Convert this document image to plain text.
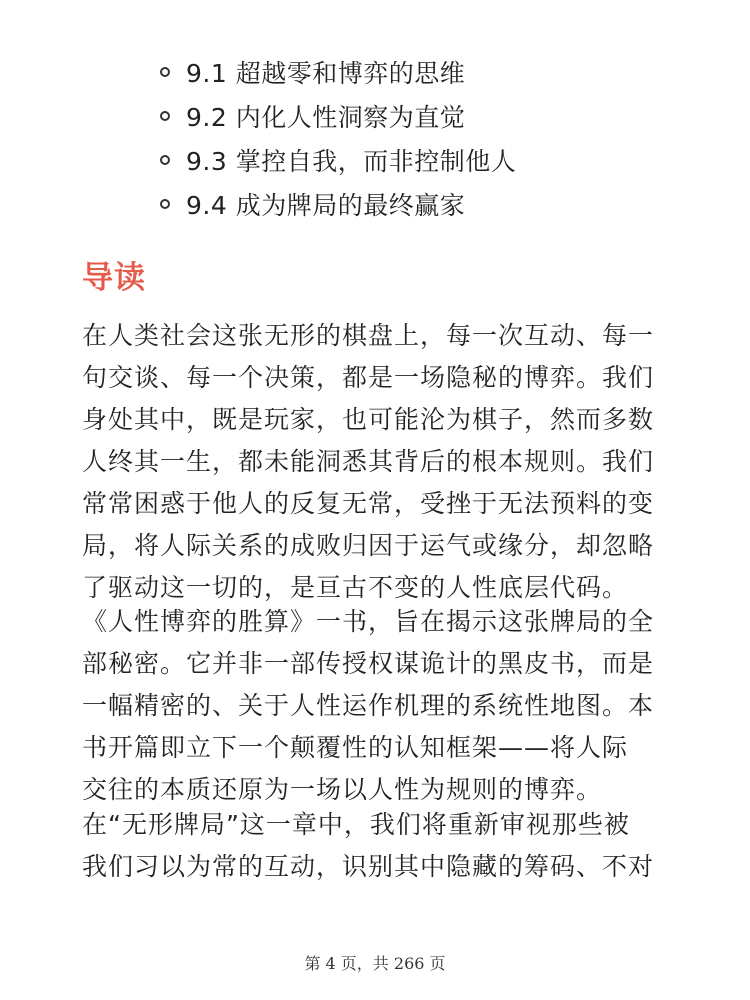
9.1 超越零和博弈的思维
9.2 内化人性洞察为直觉
9.3 掌控自我，而非控制他人
9.4 成为牌局的最终赢家
导读

在人类社会这张无形的棋盘上，每一次互动、每一
句交谈、每一个决策，都是一场隐秘的博弈。我们
身处其中，既是玩家，也可能沦为棋子，然而多数
人终其一生，都未能洞悉其背后的根本规则。我们
常常困惑于他人的反复无常，受挫于无法预料的变
局，将人际关系的成败归因于运气或缘分，却忽略
了驱动这一切的，是亘古不变的人性底层代码。

《人性博弈的胜算》一书，旨在揭示这张牌局的全
部秘密。它并非一部传授权谋诡计的黑皮书，而是
一幅精密的、关于人性运作机理的系统性地图。本
书开篇即立下一个颠覆性的认知框架——将人际
交往的本质还原为一场以人性为规则的博弈。

在“无形牌局”这一章中，我们将重新审视那些被
我们习以为常的互动，识别其中隐藏的筹码、不对

第 4 页，共 266 页
